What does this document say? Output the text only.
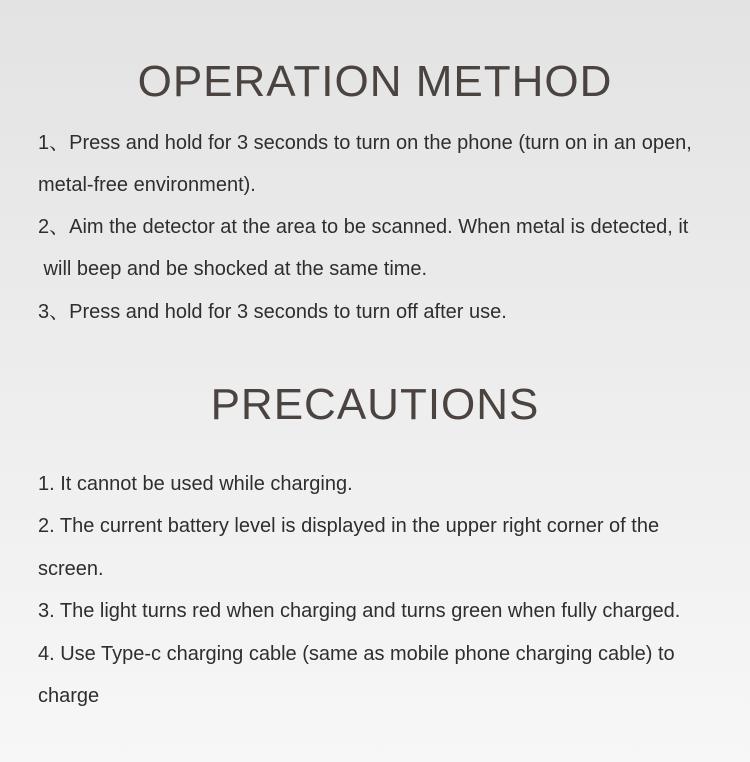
OPERATION METHOD

1、Press and hold for 3 seconds to turn on the phone (turn on in an open,

metal-free environment).

2、Aim the detector at the area to be scanned. When metal is detected, it

will beep and be shocked at the same time.

3、Press and hold for 3 seconds to turn off after use.

PRECAUTIONS

1. It cannot be used while charging.

2. The current battery level is displayed in the upper right corner of the

screen.

3. The light turns red when charging and turns green when fully charged.

4. Use Type-c charging cable (same as mobile phone charging cable) to

charge
